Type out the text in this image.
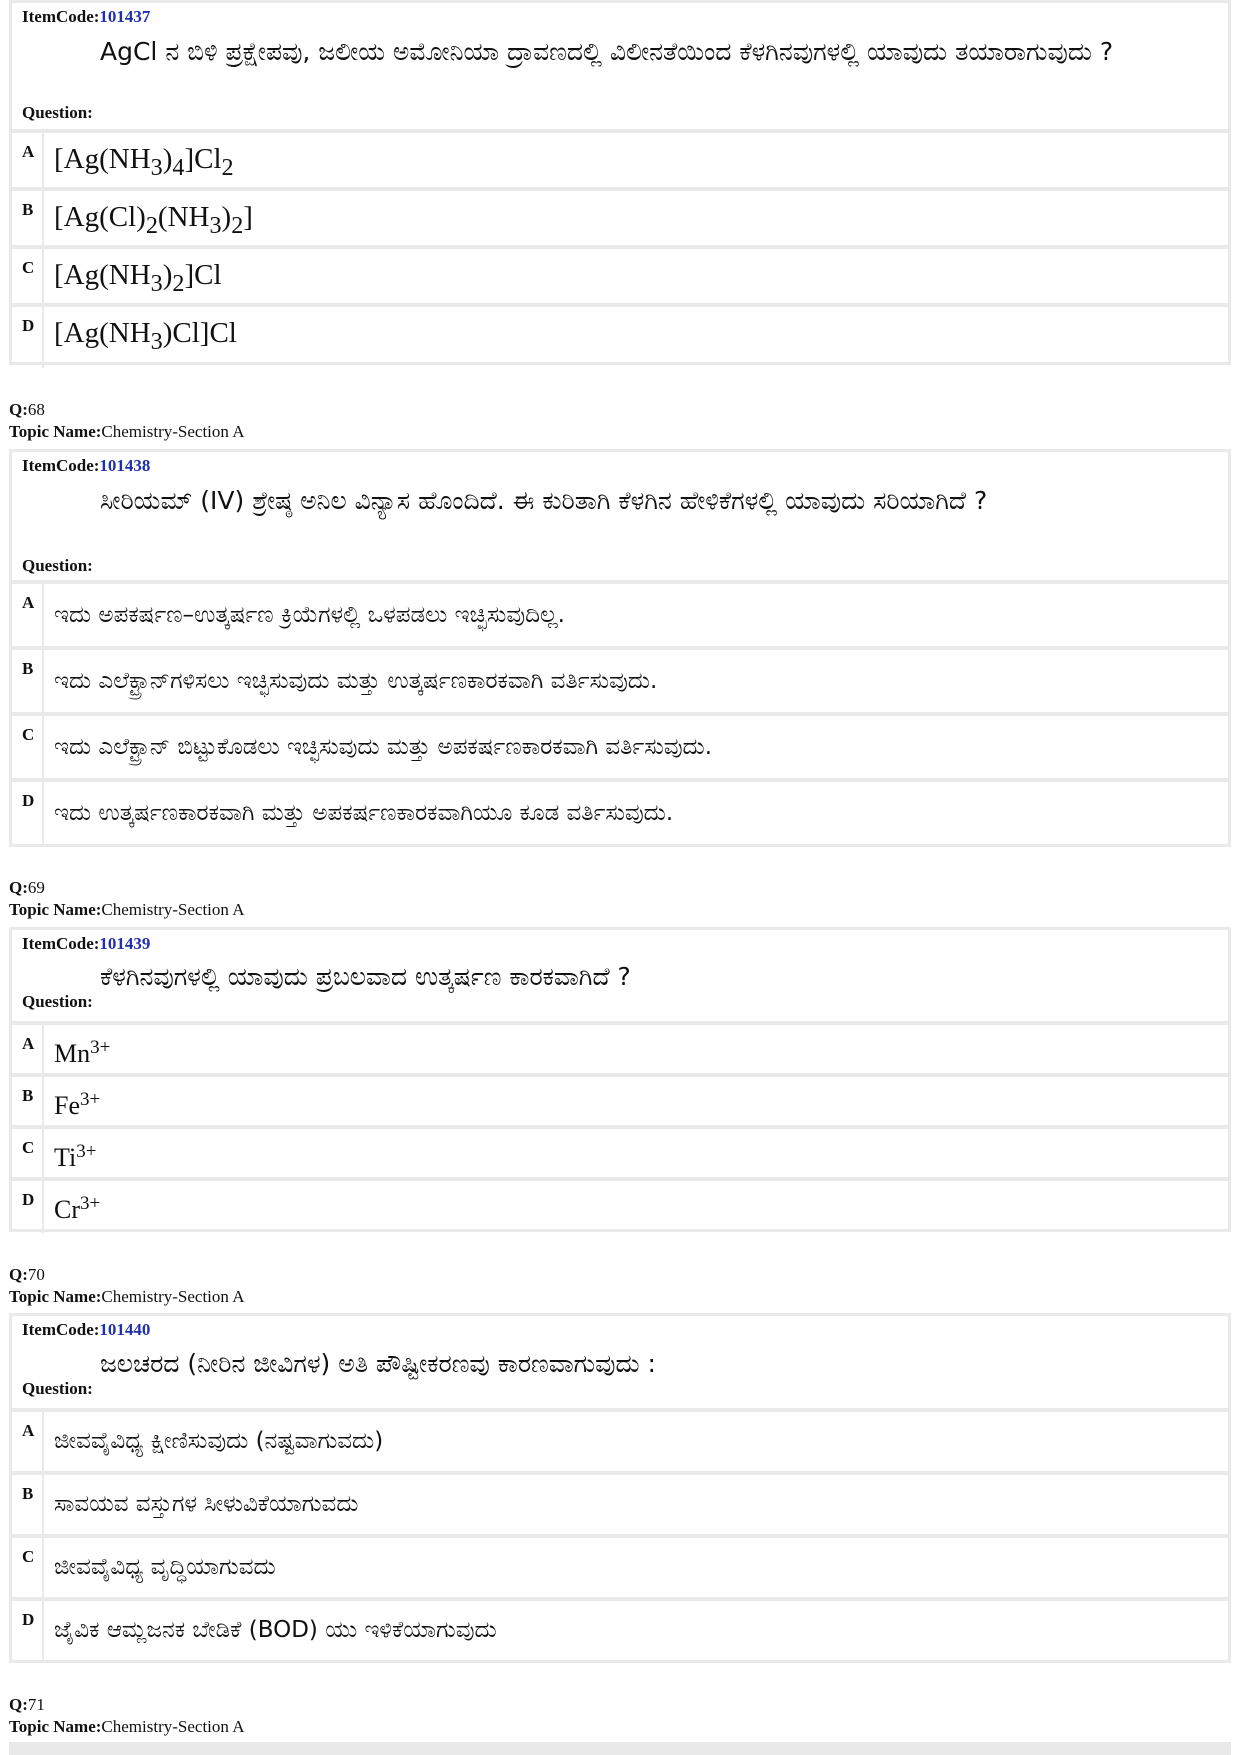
ItemCode:101437
Question:
AgCl ನ ಬಿಳಿ ಪ್ರಕ್ಷೇಪವು, ಜಲೀಯ ಅಮೋನಿಯಾ ದ್ರಾವಣದಲ್ಲಿ ವಿಲೀನತೆಯಿಂದ ಕೆಳಗಿನವುಗಳಲ್ಲಿ ಯಾವುದು ತಯಾರಾಗುವುದು ?
A $[Ag(NH_3)_4]Cl_2$
B $[Ag(Cl)_2(NH_3)_2]$
C $[Ag(NH_3)_2]Cl$
D $[Ag(NH_3)Cl]Cl$
Q:68
Topic Name:Chemistry-Section A
ItemCode:101438
Question:
ಸೀರಿಯಮ್ (IV) ಶ್ರೇಷ್ಠ ಅನಿಲ ವಿನ್ಯಾಸ ಹೊಂದಿದೆ. ಈ ಕುರಿತಾಗಿ ಕೆಳಗಿನ ಹೇಳಿಕೆಗಳಲ್ಲಿ ಯಾವುದು ಸರಿಯಾಗಿದೆ ?
A ಇದು ಅಪಕರ್ಷಣ–ಉತ್ಕರ್ಷಣ ಕ್ರಿಯೆಗಳಲ್ಲಿ ಒಳಪಡಲು ಇಚ್ಛಿಸುವುದಿಲ್ಲ.
B ಇದು ಎಲೆಕ್ಟ್ರಾನ್‌ಗಳಿಸಲು ಇಚ್ಛಿಸುವುದು ಮತ್ತು ಉತ್ಕರ್ಷಣಕಾರಕವಾಗಿ ವರ್ತಿಸುವುದು.
C ಇದು ಎಲೆಕ್ಟ್ರಾನ್ ಬಿಟ್ಟುಕೊಡಲು ಇಚ್ಛಿಸುವುದು ಮತ್ತು ಅಪಕರ್ಷಣಕಾರಕವಾಗಿ ವರ್ತಿಸುವುದು.
D ಇದು ಉತ್ಕರ್ಷಣಕಾರಕವಾಗಿ ಮತ್ತು ಅಪಕರ್ಷಣಕಾರಕವಾಗಿಯೂ ಕೂಡ ವರ್ತಿಸುವುದು.
Q:69
Topic Name:Chemistry-Section A
ItemCode:101439
Question:
ಕೆಳಗಿನವುಗಳಲ್ಲಿ ಯಾವುದು ಪ್ರಬಲವಾದ ಉತ್ಕರ್ಷಣ ಕಾರಕವಾಗಿದೆ ?
A $Mn^{3+}$
B $Fe^{3+}$
C $Ti^{3+}$
D $Cr^{3+}$
Q:70
Topic Name:Chemistry-Section A
ItemCode:101440
Question:
ಜಲಚರದ (ನೀರಿನ ಜೀವಿಗಳ) ಅತಿ ಪೌಷ್ಟೀಕರಣವು ಕಾರಣವಾಗುವುದು :
A ಜೀವವೈವಿಧ್ಯ ಕ್ಷೀಣಿಸುವುದು (ನಷ್ಟವಾಗುವದು)
B ಸಾವಯವ ವಸ್ತುಗಳ ಸೀಳುವಿಕೆಯಾಗುವದು
C ಜೀವವೈವಿಧ್ಯ ವೃದ್ಧಿಯಾಗುವದು
D ಜೈವಿಕ ಆಮ್ಲಜನಕ ಬೇಡಿಕೆ (BOD) ಯು ಇಳಿಕೆಯಾಗುವುದು
Q:71
Topic Name:Chemistry-Section A
